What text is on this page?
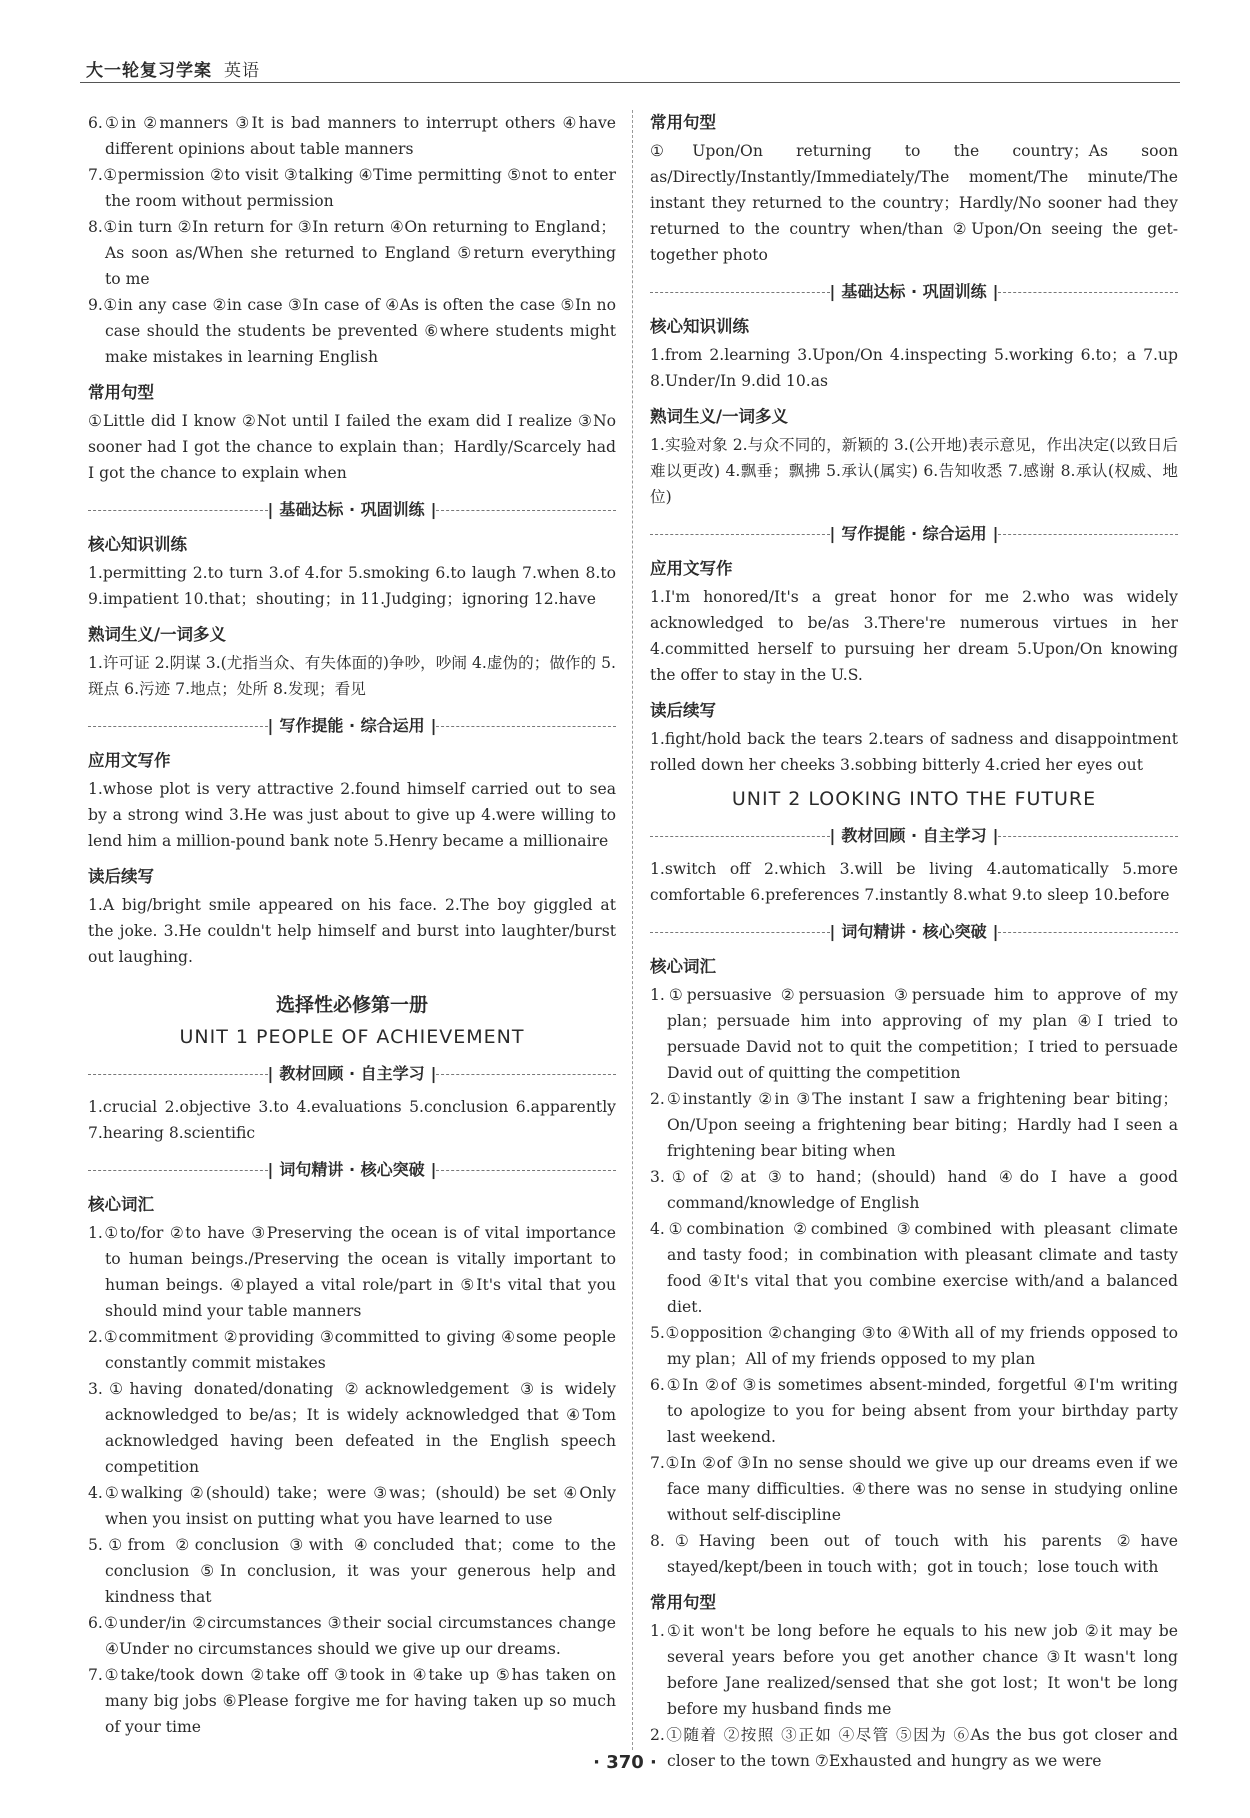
大一轮复习学案 英语

6.①in ②manners ③It is bad manners to interrupt others ④have different opinions about table manners

7.①permission ②to visit ③talking ④Time permitting ⑤not to enter the room without permission

8.①in turn ②In return for ③In return ④On returning to England；As soon as/When she returned to England ⑤return everything to me

9.①in any case ②in case ③In case of ④As is often the case ⑤In no case should the students be prevented ⑥where students might make mistakes in learning English

常用句型

①Little did I know ②Not until I failed the exam did I realize ③No sooner had I got the chance to explain than；Hardly/Scarcely had I got the chance to explain when

| 基础达标 · 巩固训练 |
核心知识训练

1.permitting 2.to turn 3.of 4.for 5.smoking 6.to laugh 7.when 8.to 9.impatient 10.that；shouting；in 11.Judging；ignoring 12.have

熟词生义/一词多义

1.许可证 2.阴谋 3.(尤指当众、有失体面的)争吵，吵闹 4.虚伪的；做作的 5.斑点 6.污迹 7.地点；处所 8.发现；看见

| 写作提能 · 综合运用 |
应用文写作

1.whose plot is very attractive 2.found himself carried out to sea by a strong wind 3.He was just about to give up 4.were willing to lend him a million-pound bank note 5.Henry became a millionaire

读后续写

1.A big/bright smile appeared on his face. 2.The boy giggled at the joke. 3.He couldn't help himself and burst into laughter/burst out laughing.

选择性必修第一册
UNIT 1 PEOPLE OF ACHIEVEMENT
| 教材回顾 · 自主学习 |

1.crucial 2.objective 3.to 4.evaluations 5.conclusion 6.apparently 7.hearing 8.scientific

| 词句精讲 · 核心突破 |
核心词汇

1.①to/for ②to have ③Preserving the ocean is of vital importance to human beings./Preserving the ocean is vitally important to human beings. ④played a vital role/part in ⑤It's vital that you should mind your table manners

2.①commitment ②providing ③committed to giving ④some people constantly commit mistakes

3.①having donated/donating ②acknowledgement ③is widely acknowledged to be/as；It is widely acknowledged that ④Tom acknowledged having been defeated in the English speech competition

4.①walking ②(should) take；were ③was；(should) be set ④Only when you insist on putting what you have learned to use

5.①from ②conclusion ③with ④concluded that；come to the conclusion ⑤In conclusion, it was your generous help and kindness that

6.①under/in ②circumstances ③their social circumstances change ④Under no circumstances should we give up our dreams.

7.①take/took down ②take off ③took in ④take up ⑤has taken on many big jobs ⑥Please forgive me for having taken up so much of your time

常用句型

①Upon/On returning to the country；As soon as/Directly/Instantly/Immediately/The moment/The minute/The instant they returned to the country；Hardly/No sooner had they returned to the country when/than ②Upon/On seeing the get-together photo

| 基础达标 · 巩固训练 |
核心知识训练

1.from 2.learning 3.Upon/On 4.inspecting 5.working 6.to；a 7.up 8.Under/In 9.did 10.as

熟词生义/一词多义

1.实验对象 2.与众不同的，新颖的 3.(公开地)表示意见，作出决定(以致日后难以更改) 4.飘垂；飘拂 5.承认(属实) 6.告知收悉 7.感谢 8.承认(权威、地位)

| 写作提能 · 综合运用 |
应用文写作

1.I'm honored/It's a great honor for me 2.who was widely acknowledged to be/as 3.There're numerous virtues in her 4.committed herself to pursuing her dream 5.Upon/On knowing the offer to stay in the U.S.

读后续写

1.fight/hold back the tears 2.tears of sadness and disappointment rolled down her cheeks 3.sobbing bitterly 4.cried her eyes out

UNIT 2 LOOKING INTO THE FUTURE
| 教材回顾 · 自主学习 |

1.switch off 2.which 3.will be living 4.automatically 5.more comfortable 6.preferences 7.instantly 8.what 9.to sleep 10.before

| 词句精讲 · 核心突破 |
核心词汇

1.①persuasive ②persuasion ③persuade him to approve of my plan；persuade him into approving of my plan ④I tried to persuade David not to quit the competition；I tried to persuade David out of quitting the competition

2.①instantly ②in ③The instant I saw a frightening bear biting；On/Upon seeing a frightening bear biting；Hardly had I seen a frightening bear biting when

3.①of ②at ③to hand；(should) hand ④do I have a good command/knowledge of English

4.①combination ②combined ③combined with pleasant climate and tasty food；in combination with pleasant climate and tasty food ④It's vital that you combine exercise with/and a balanced diet.

5.①opposition ②changing ③to ④With all of my friends opposed to my plan；All of my friends opposed to my plan

6.①In ②of ③is sometimes absent-minded, forgetful ④I'm writing to apologize to you for being absent from your birthday party last weekend.

7.①In ②of ③In no sense should we give up our dreams even if we face many difficulties. ④there was no sense in studying online without self-discipline

8.①Having been out of touch with his parents ②have stayed/kept/been in touch with；got in touch；lose touch with

常用句型

1.①it won't be long before he equals to his new job ②it may be several years before you get another chance ③It wasn't long before Jane realized/sensed that she got lost；It won't be long before my husband finds me

2.①随着 ②按照 ③正如 ④尽管 ⑤因为 ⑥As the bus got closer and closer to the town ⑦Exhausted and hungry as we were

· 370 ·
